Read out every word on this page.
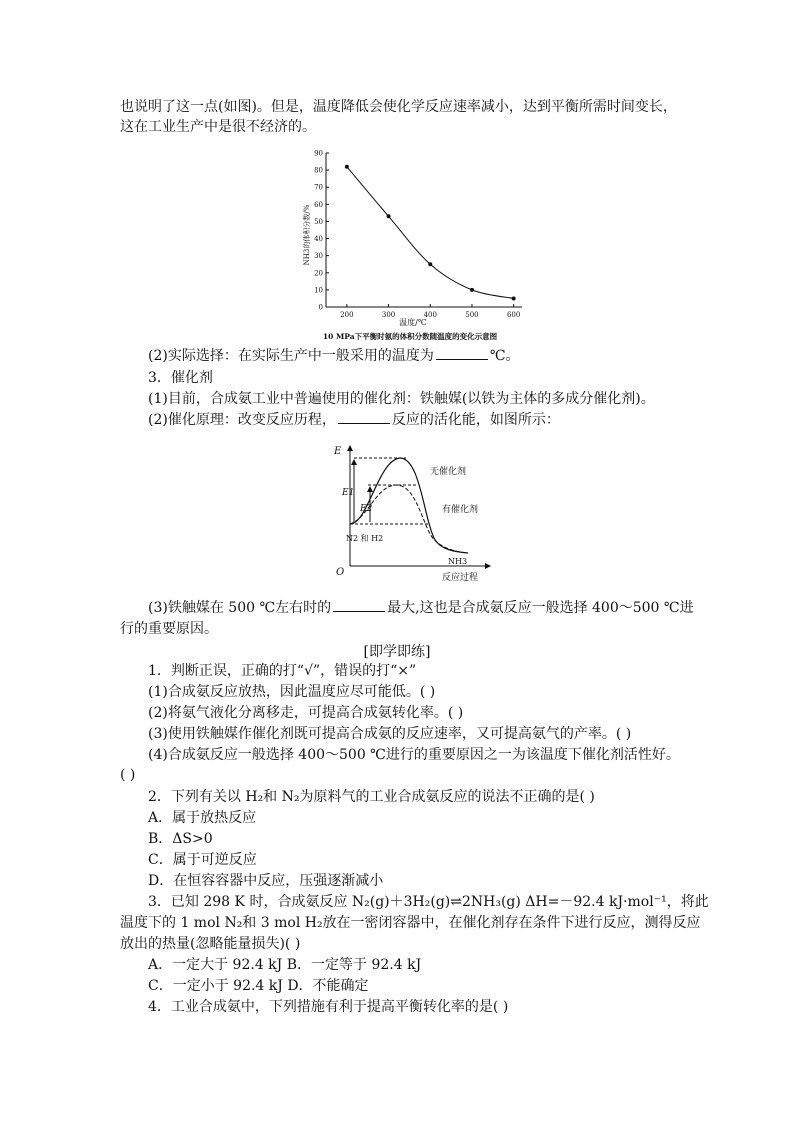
也说明了这一点(如图)。但是，温度降低会使化学反应速率减小，达到平衡所需时间变长，
这在工业生产中是很不经济的。
0
10
20
30
40
50
60
70
80
90
200	300	400	500	600
NH3的体积分数/%
温度/℃
10 MPa下平衡时氨的体积分数随温度的变化示意图
(2)实际选择：在实际生产中一般采用的温度为	℃。
3．催化剂
(1)目前，合成氨工业中普遍使用的催化剂：铁触媒(以铁为主体的多成分催化剂)。
(2)催化原理：改变反应历程，	反应的活化能，如图所示：
E
O	反应过程
E1
E2
无催化剂
有催化剂
N2 和 H2
NH3
(3)铁触媒在 500 ℃左右时的	最大,这也是合成氨反应一般选择 400～500 ℃进
行的重要原因。
[即学即练]
1．判断正误，正确的打“√”，错误的打“×”
(1)合成氨反应放热，因此温度应尽可能低。( )
(2)将氨气液化分离移走，可提高合成氨转化率。( )
(3)使用铁触媒作催化剂既可提高合成氨的反应速率，又可提高氨气的产率。( )
(4)合成氨反应一般选择 400～500 ℃进行的重要原因之一为该温度下催化剂活性好。
( )
2．下列有关以 H₂和 N₂为原料气的工业合成氨反应的说法不正确的是( )
A．属于放热反应
B．ΔS>0
C．属于可逆反应
D．在恒容容器中反应，压强逐渐减小
3．已知 298 K 时，合成氨反应 N₂(g)＋3H₂(g)⇌2NH₃(g) ΔH=－92.4 kJ·mol⁻¹，将此
温度下的 1 mol N₂和 3 mol H₂放在一密闭容器中，在催化剂存在条件下进行反应，测得反应
放出的热量(忽略能量损失)( )
A．一定大于 92.4 kJ B．一定等于 92.4 kJ
C．一定小于 92.4 kJ D．不能确定
4．工业合成氨中，下列措施有利于提高平衡转化率的是( )
